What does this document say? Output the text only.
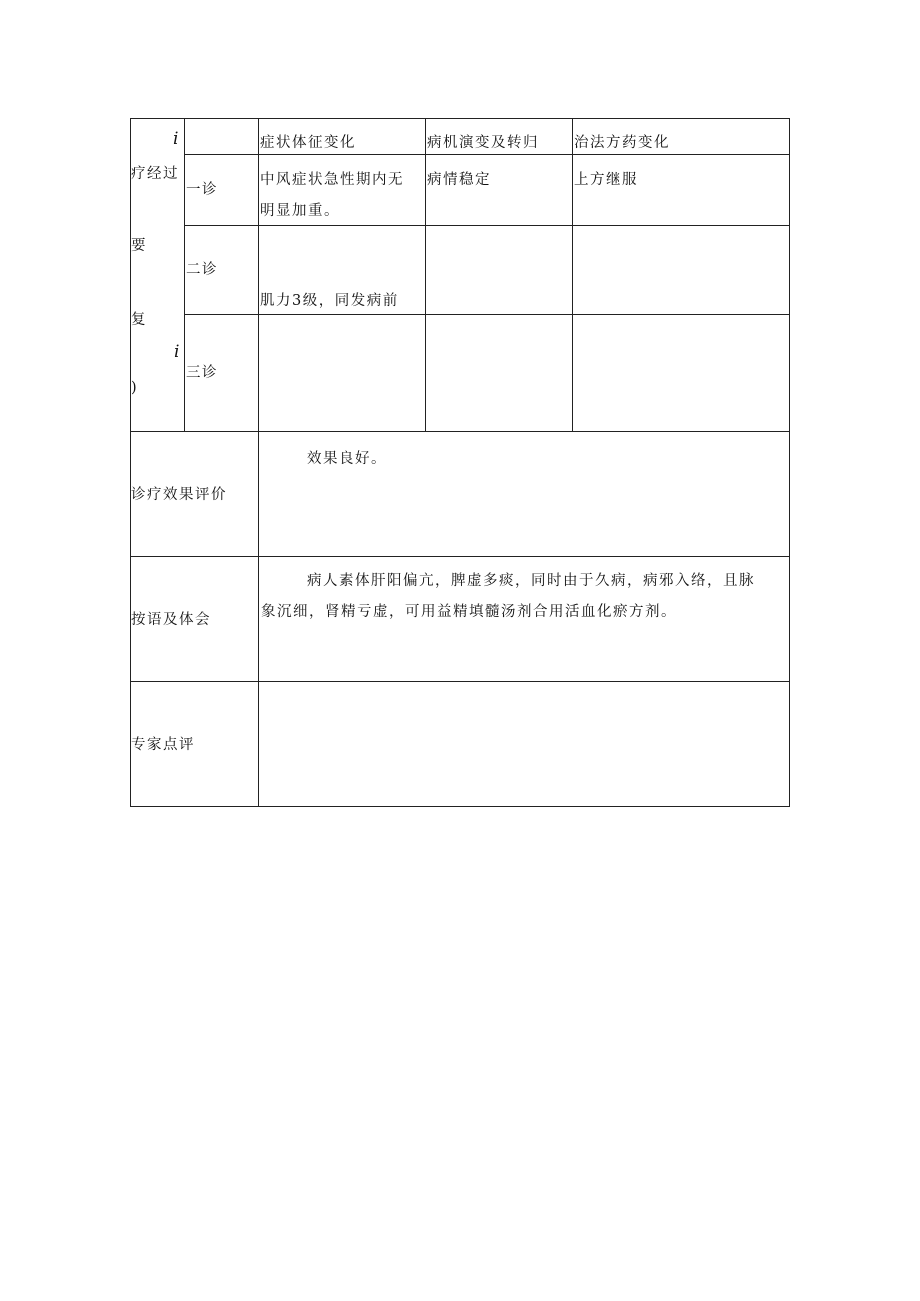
i
疗经过
要
复
i
)
症状体征变化	病机演变及转归 治法方药变化
一诊
中风症状急性期内无
明显加重。
病情稳定	上方继服
二诊
肌力3级，同发病前
三诊
诊疗效果评价
效果良好。
按语及体会
病人素体肝阳偏亢，脾虚多痰，同时由于久病，病邪入络，且脉
象沉细，肾精亏虚，可用益精填髓汤剂合用活血化瘀方剂。
专家点评
